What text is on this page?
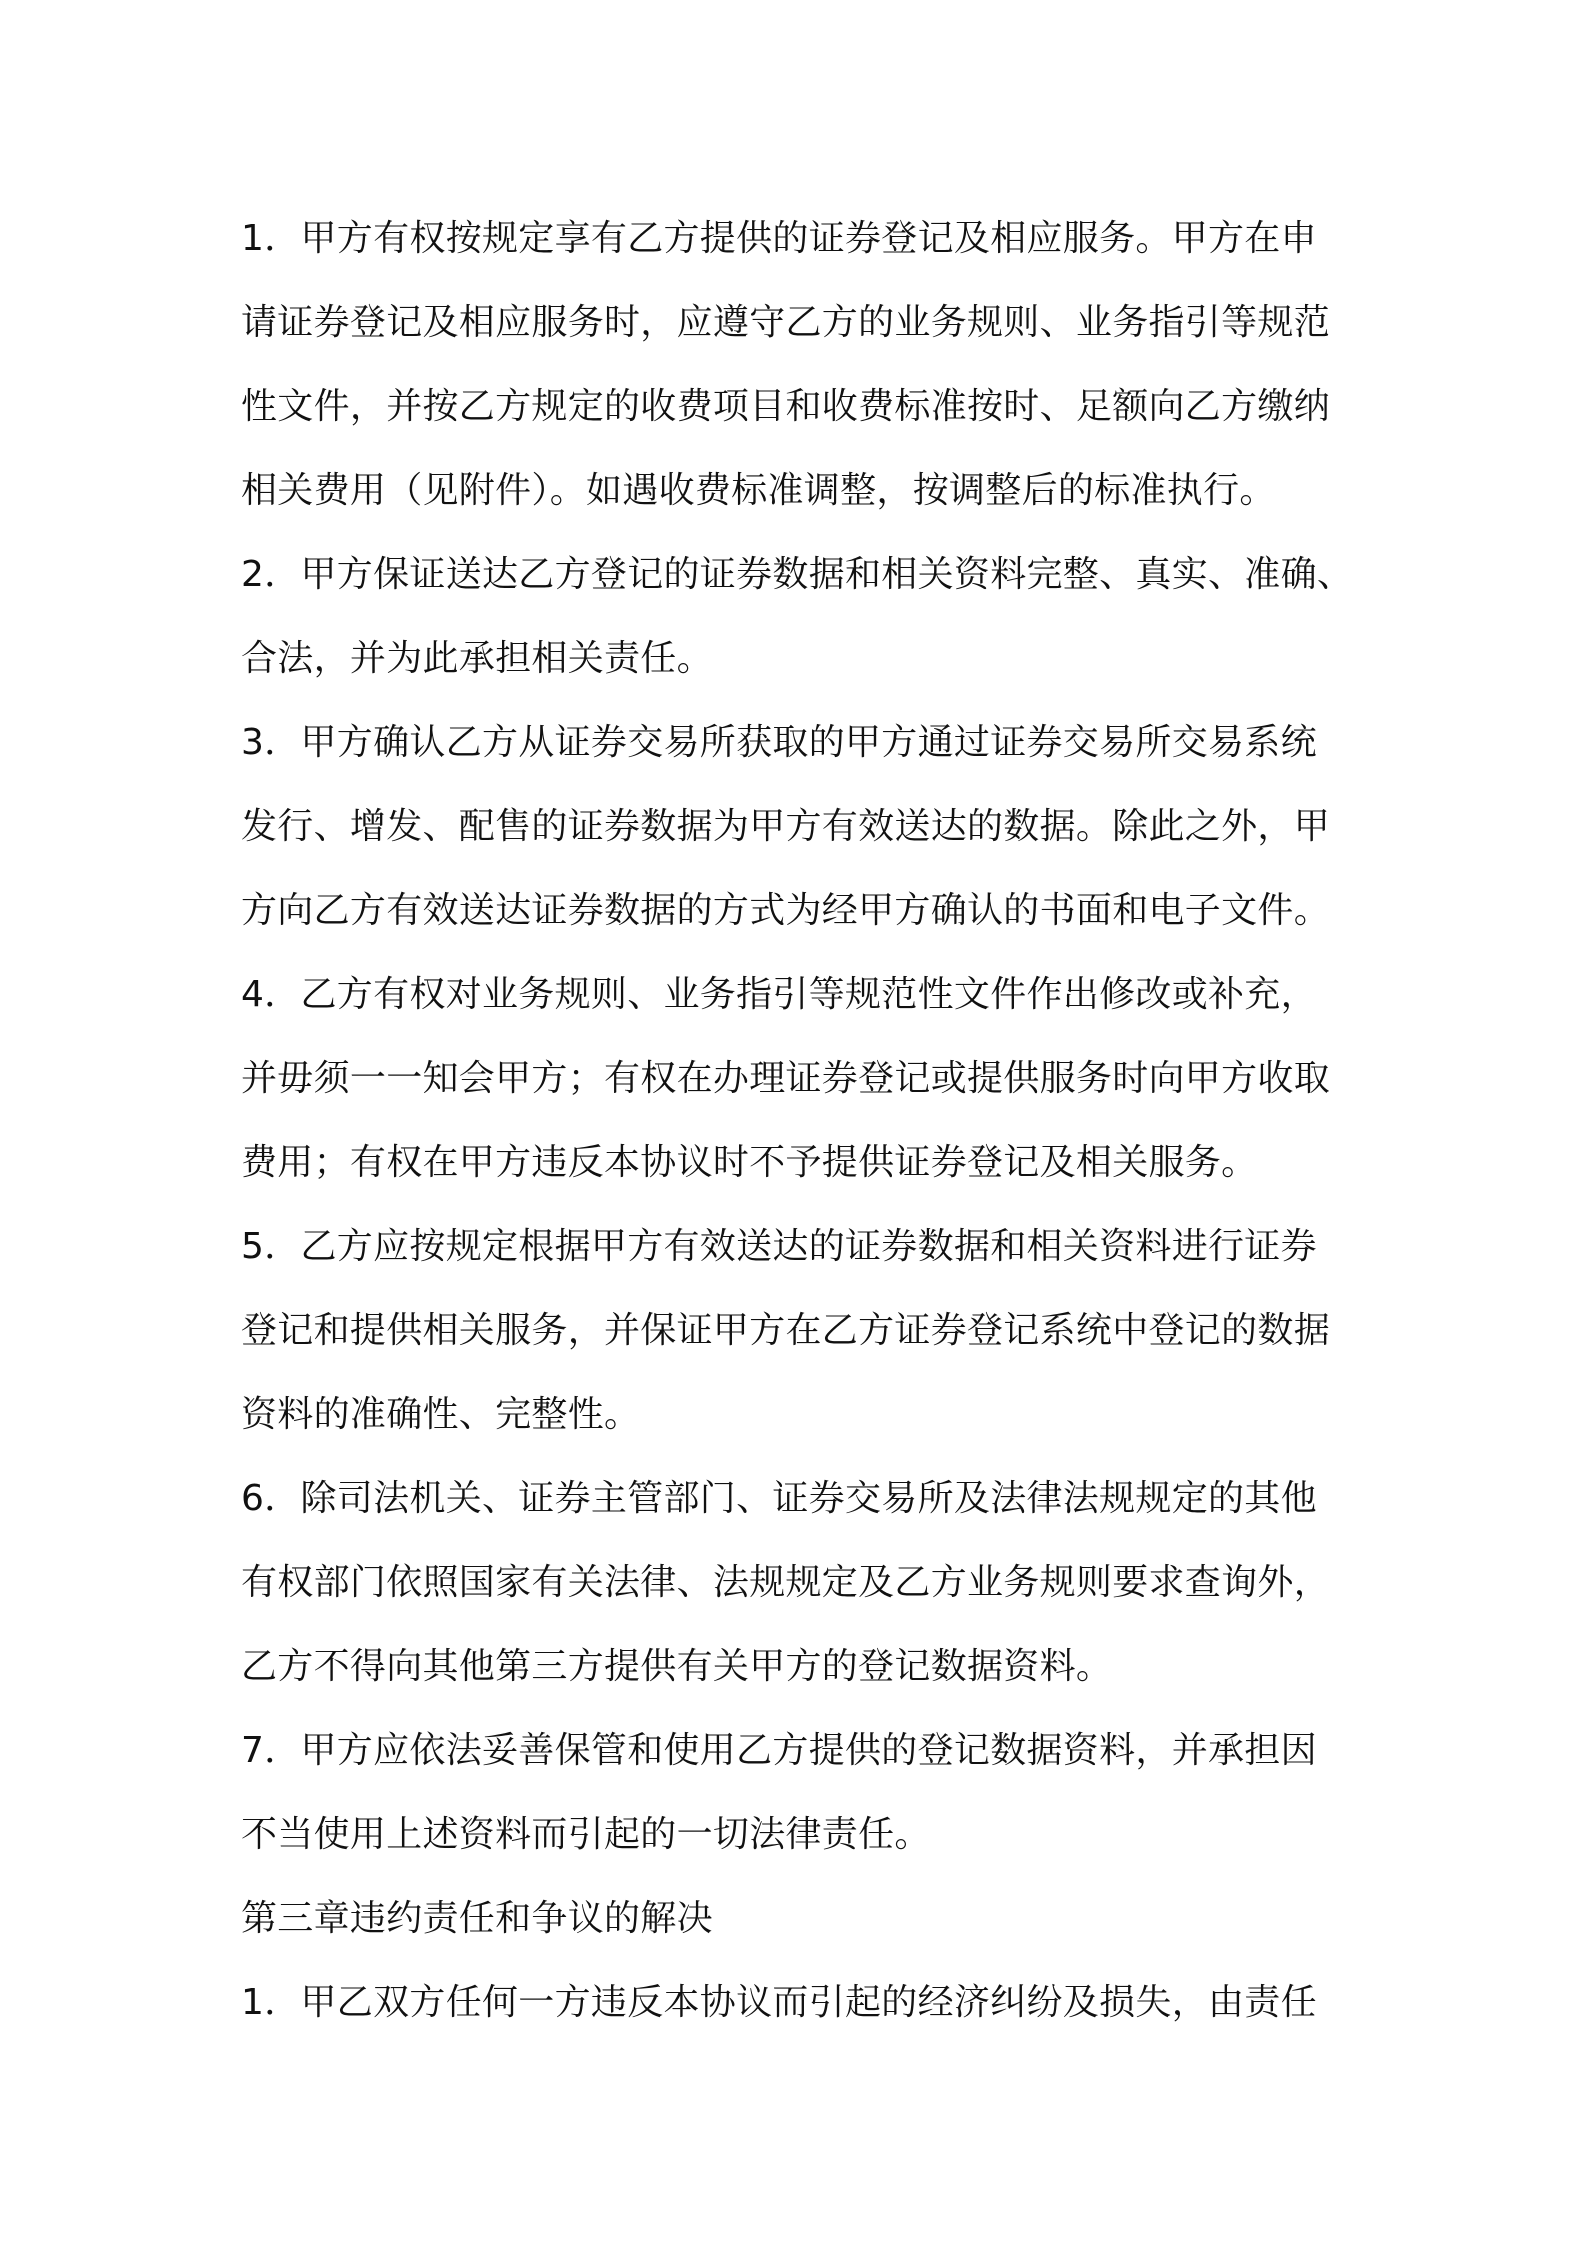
1．甲方有权按规定享有乙方提供的证券登记及相应服务。甲方在申
请证券登记及相应服务时，应遵守乙方的业务规则、业务指引等规范
性文件，并按乙方规定的收费项目和收费标准按时、足额向乙方缴纳
相关费用（见附件）。如遇收费标准调整，按调整后的标准执行。
2．甲方保证送达乙方登记的证券数据和相关资料完整、真实、准确、
合法，并为此承担相关责任。
3．甲方确认乙方从证券交易所获取的甲方通过证券交易所交易系统
发行、增发、配售的证券数据为甲方有效送达的数据。除此之外，甲
方向乙方有效送达证券数据的方式为经甲方确认的书面和电子文件。
4．乙方有权对业务规则、业务指引等规范性文件作出修改或补充，
并毋须一一知会甲方；有权在办理证券登记或提供服务时向甲方收取
费用；有权在甲方违反本协议时不予提供证券登记及相关服务。
5．乙方应按规定根据甲方有效送达的证券数据和相关资料进行证券
登记和提供相关服务，并保证甲方在乙方证券登记系统中登记的数据
资料的准确性、完整性。
6．除司法机关、证券主管部门、证券交易所及法律法规规定的其他
有权部门依照国家有关法律、法规规定及乙方业务规则要求查询外，
乙方不得向其他第三方提供有关甲方的登记数据资料。
7．甲方应依法妥善保管和使用乙方提供的登记数据资料，并承担因
不当使用上述资料而引起的一切法律责任。
第三章违约责任和争议的解决
1．甲乙双方任何一方违反本协议而引起的经济纠纷及损失，由责任
